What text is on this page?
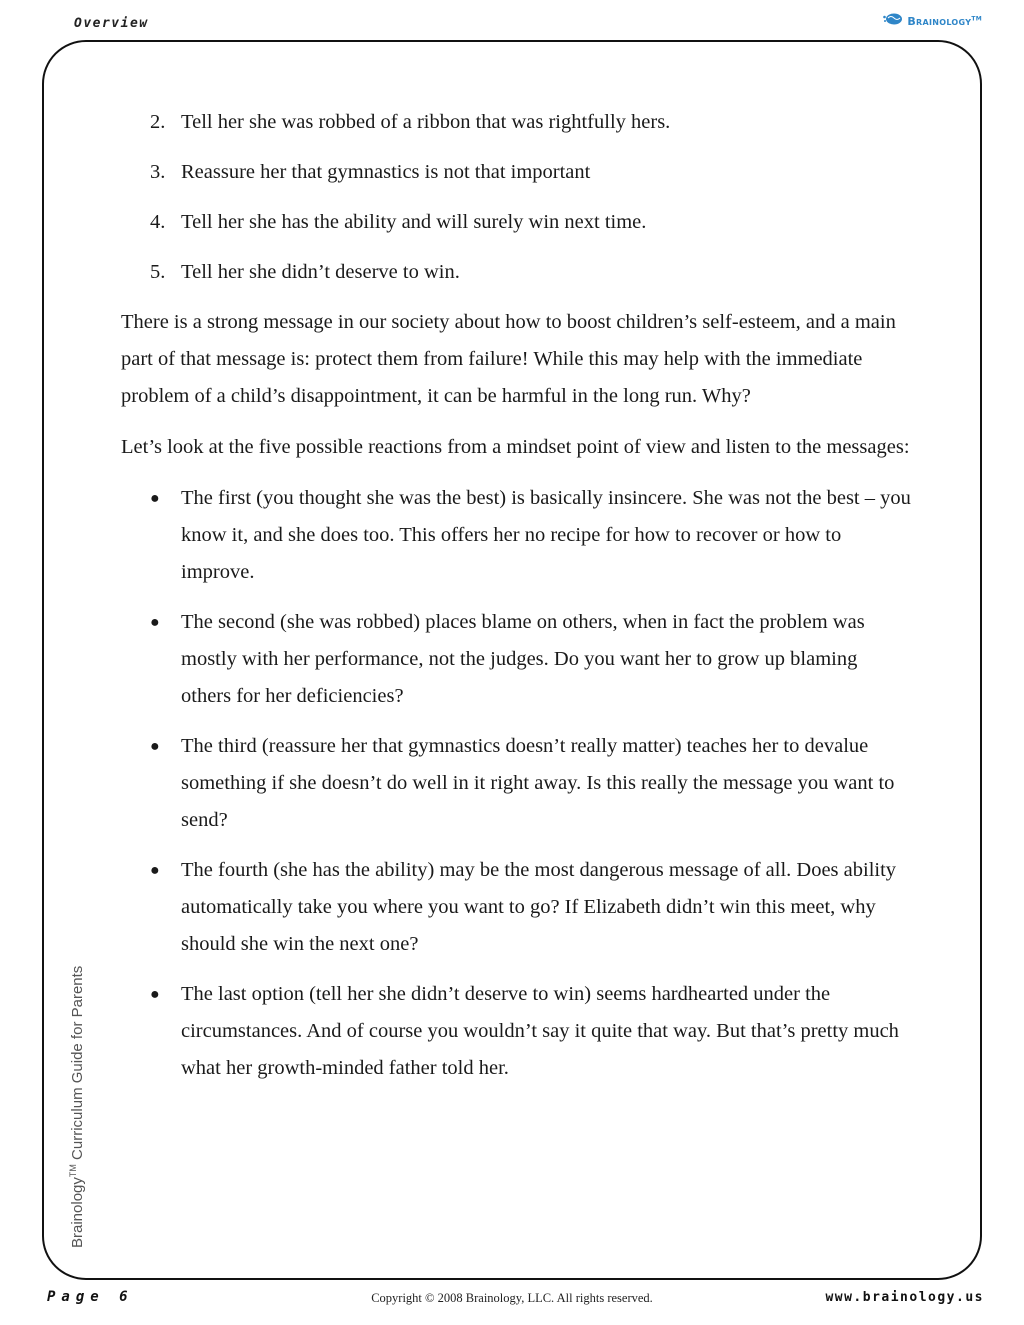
Overview	Brainology™
Brainology™ Curriculum Guide for Parents
2. Tell her she was robbed of a ribbon that was rightfully hers.
3. Reassure her that gymnastics is not that important
4. Tell her she has the ability and will surely win next time.
5. Tell her she didn’t deserve to win.

There is a strong message in our society about how to boost children’s self-esteem, and a main part of that message is: protect them from failure! While this may help with the immediate problem of a child’s disappointment, it can be harmful in the long run. Why?

Let’s look at the five possible reactions from a mindset point of view and listen to the messages:

●	The first (you thought she was the best) is basically insincere. She was not the best – you know it, and she does too. This offers her no recipe for how to recover or how to improve.
●	The second (she was robbed) places blame on others, when in fact the problem was mostly with her performance, not the judges. Do you want her to grow up blaming others for her deficiencies?
●	The third (reassure her that gymnastics doesn’t really matter) teaches her to devalue something if she doesn’t do well in it right away. Is this really the message you want to send?
●	The fourth (she has the ability) may be the most dangerous message of all. Does ability automatically take you where you want to go? If Elizabeth didn’t win this meet, why should she win the next one?
●	The last option (tell her she didn’t deserve to win) seems hardhearted under the circumstances. And of course you wouldn’t say it quite that way. But that’s pretty much what her growth-minded father told her.
Page 6	Copyright © 2008 Brainology, LLC. All rights reserved.	www.brainology.us
